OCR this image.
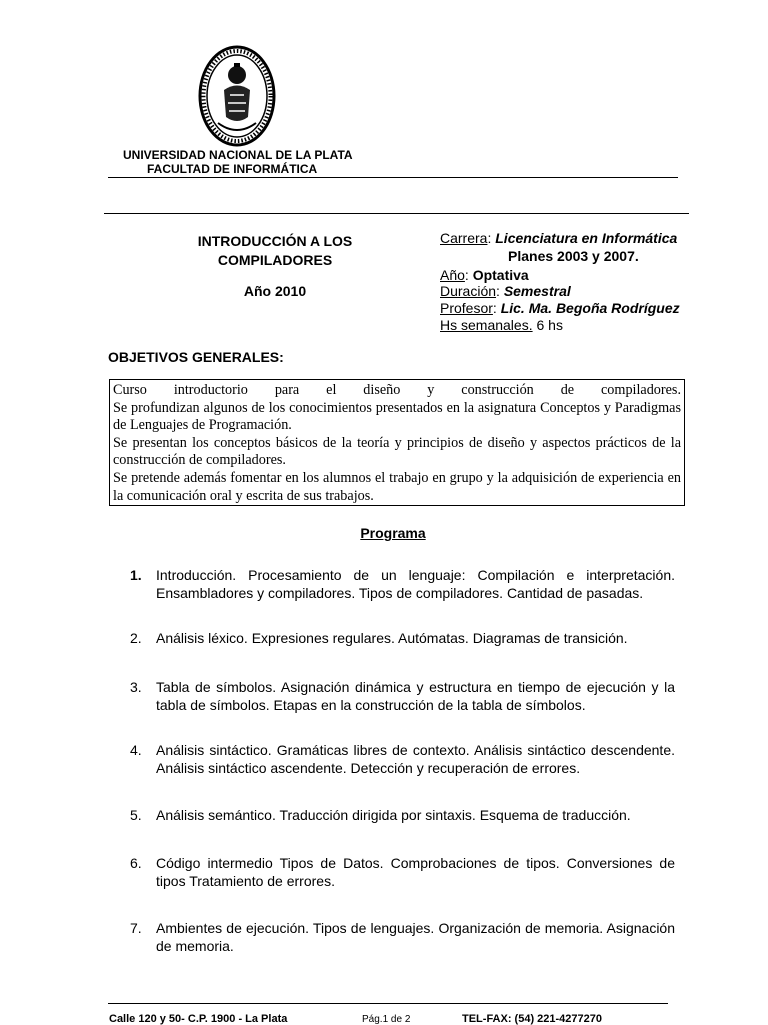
UNIVERSIDAD NACIONAL DE LA PLATA
FACULTAD DE INFORMÁTICA
INTRODUCCIÓN A LOS
COMPILADORES
Año 2010
Carrera: Licenciatura en Informática
Planes 2003 y 2007.
Año: Optativa
Duración: Semestral
Profesor: Lic. Ma. Begoña Rodríguez
Hs semanales. 6 hs
OBJETIVOS GENERALES:

Curso introductorio para el diseño y construcción de compiladores.

Se profundizan algunos de los conocimientos presentados en la asignatura Conceptos y Paradigmas de Lenguajes de Programación.

Se presentan los conceptos básicos de la teoría y principios de diseño y aspectos prácticos de la construcción de compiladores.

Se pretende además fomentar en los alumnos el trabajo en grupo y la adquisición de experiencia en la comunicación oral y escrita de sus trabajos.

Programa
1.	Introducción. Procesamiento de un lenguaje: Compilación e interpretación. Ensambladores y compiladores. Tipos de compiladores. Cantidad de pasadas.
2.	Análisis léxico. Expresiones regulares. Autómatas. Diagramas de transición.
3.	Tabla de símbolos. Asignación dinámica y estructura en tiempo de ejecución y la tabla de símbolos. Etapas en la construcción de la tabla de símbolos.
4.	Análisis sintáctico. Gramáticas libres de contexto. Análisis sintáctico descendente. Análisis sintáctico ascendente. Detección y recuperación de errores.
5.	Análisis semántico. Traducción dirigida por sintaxis. Esquema de traducción.
6.	Código intermedio Tipos de Datos. Comprobaciones de tipos. Conversiones de tipos Tratamiento de errores.
7.	Ambientes de ejecución. Tipos de lenguajes. Organización de memoria. Asignación de memoria.
Calle 120 y 50- C.P. 1900 - La Plata	Pág.1 de 2	TEL-FAX: (54) 221-4277270
